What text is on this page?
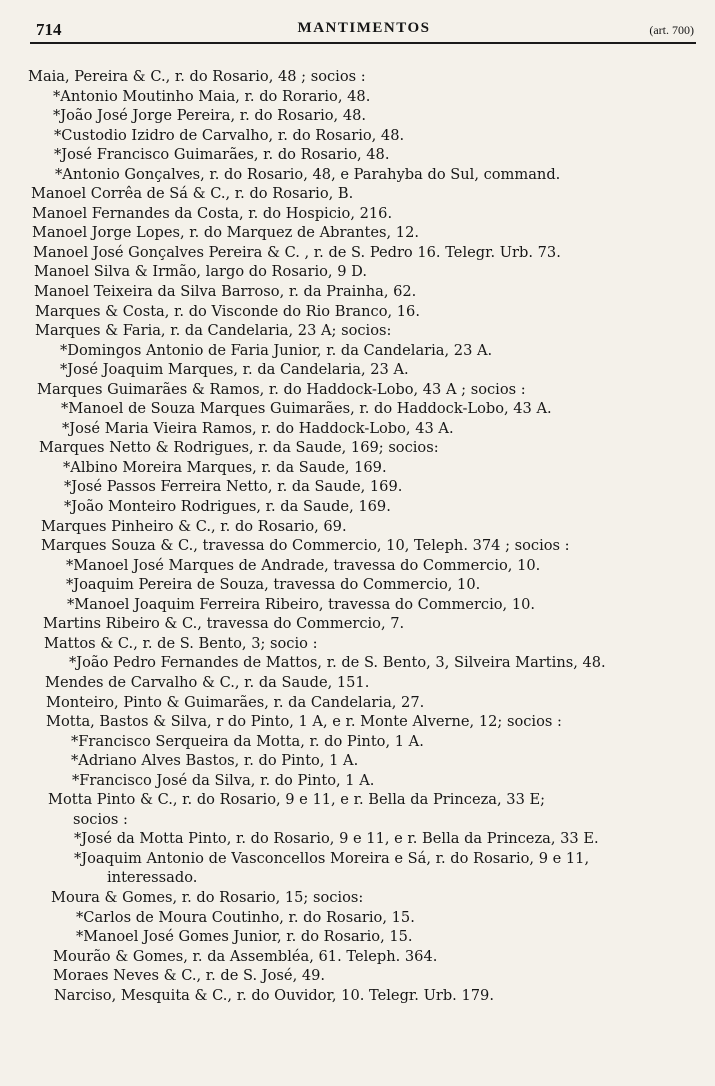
714	MANTIMENTOS	(art. 700)
Maia, Pereira & C., r. do Rosario, 48 ; socios :
*Antonio Moutinho Maia, r. do Rorario, 48.
*João José Jorge Pereira, r. do Rosario, 48.
*Custodio Izidro de Carvalho, r. do Rosario, 48.
*José Francisco Guimarães, r. do Rosario, 48.
*Antonio Gonçalves, r. do Rosario, 48, e Parahyba do Sul, command.
Manoel Corrêa de Sá & C., r. do Rosario, B.
Manoel Fernandes da Costa, r. do Hospicio, 216.
Manoel Jorge Lopes, r. do Marquez de Abrantes, 12.
Manoel José Gonçalves Pereira & C. , r. de S. Pedro 16. Telegr. Urb. 73.
Manoel Silva & Irmão, largo do Rosario, 9 D.
Manoel Teixeira da Silva Barroso, r. da Prainha, 62.
Marques & Costa, r. do Visconde do Rio Branco, 16.
Marques & Faria, r. da Candelaria, 23 A; socios:
*Domingos Antonio de Faria Junior, r. da Candelaria, 23 A.
*José Joaquim Marques, r. da Candelaria, 23 A.
Marques Guimarães & Ramos, r. do Haddock-Lobo, 43 A ; socios :
*Manoel de Souza Marques Guimarães, r. do Haddock-Lobo, 43 A.
*José Maria Vieira Ramos, r. do Haddock-Lobo, 43 A.
Marques Netto & Rodrigues, r. da Saude, 169; socios:
*Albino Moreira Marques, r. da Saude, 169.
*José Passos Ferreira Netto, r. da Saude, 169.
*João Monteiro Rodrigues, r. da Saude, 169.
Marques Pinheiro & C., r. do Rosario, 69.
Marques Souza & C., travessa do Commercio, 10, Teleph. 374 ; socios :
*Manoel José Marques de Andrade, travessa do Commercio, 10.
*Joaquim Pereira de Souza, travessa do Commercio, 10.
*Manoel Joaquim Ferreira Ribeiro, travessa do Commercio, 10.
Martins Ribeiro & C., travessa do Commercio, 7.
Mattos & C., r. de S. Bento, 3; socio :
*João Pedro Fernandes de Mattos, r. de S. Bento, 3, Silveira Martins, 48.
Mendes de Carvalho & C., r. da Saude, 151.
Monteiro, Pinto & Guimarães, r. da Candelaria, 27.
Motta, Bastos & Silva, r do Pinto, 1 A, e r. Monte Alverne, 12; socios :
*Francisco Serqueira da Motta, r. do Pinto, 1 A.
*Adriano Alves Bastos, r. do Pinto, 1 A.
*Francisco José da Silva, r. do Pinto, 1 A.
Motta Pinto & C., r. do Rosario, 9 e 11, e r. Bella da Princeza, 33 E;
socios :
*José da Motta Pinto, r. do Rosario, 9 e 11, e r. Bella da Princeza, 33 E.
*Joaquim Antonio de Vasconcellos Moreira e Sá, r. do Rosario, 9 e 11,
interessado.
Moura & Gomes, r. do Rosario, 15; socios:
*Carlos de Moura Coutinho, r. do Rosario, 15.
*Manoel José Gomes Junior, r. do Rosario, 15.
Mourão & Gomes, r. da Assembléa, 61. Teleph. 364.
Moraes Neves & C., r. de S. José, 49.
Narciso, Mesquita & C., r. do Ouvidor, 10. Telegr. Urb. 179.
